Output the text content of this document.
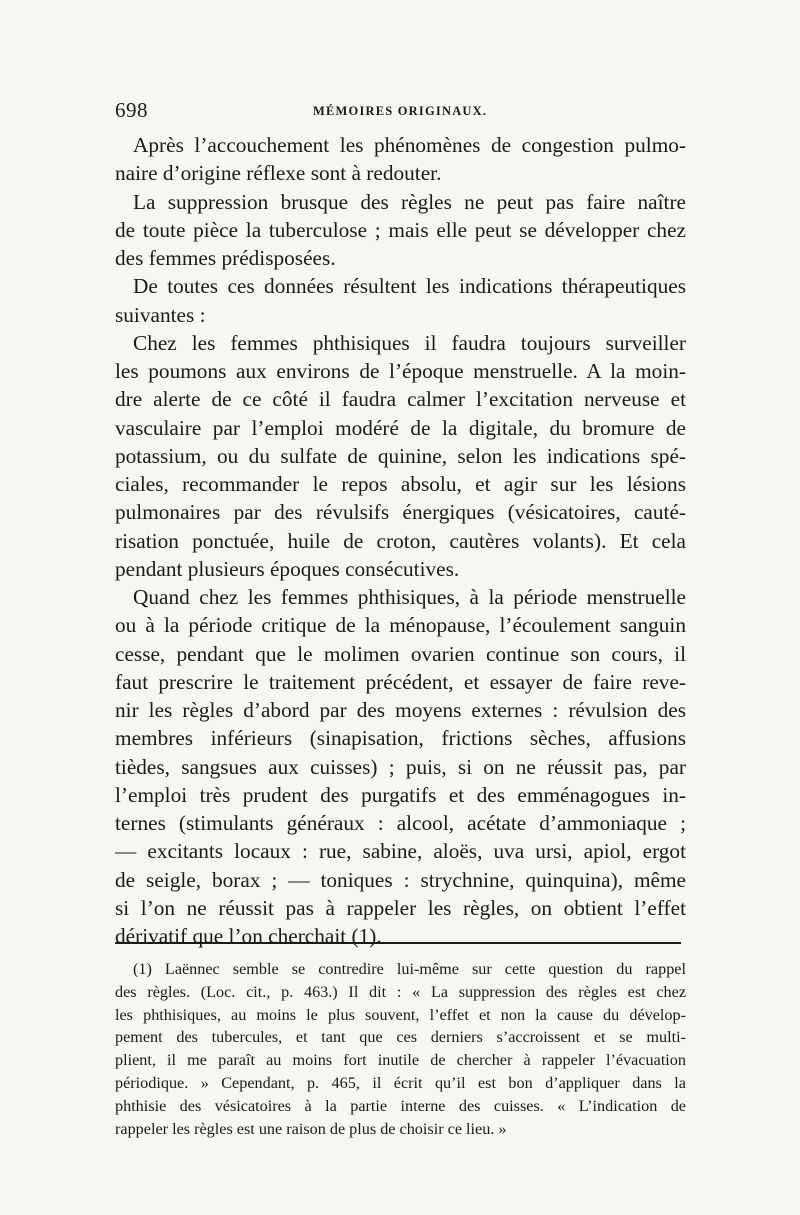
698	MÉMOIRES ORIGINAUX.
Après l’accouchement les phénomènes de congestion pulmo-
naire d’origine réflexe sont à redouter.
La suppression brusque des règles ne peut pas faire naître
de toute pièce la tuberculose ; mais elle peut se développer chez
des femmes prédisposées.
De toutes ces données résultent les indications thérapeutiques
suivantes :
Chez les femmes phthisiques il faudra toujours surveiller
les poumons aux environs de l’époque menstruelle. A la moin-
dre alerte de ce côté il faudra calmer l’excitation nerveuse et
vasculaire par l’emploi modéré de la digitale, du bromure de
potassium, ou du sulfate de quinine, selon les indications spé-
ciales, recommander le repos absolu, et agir sur les lésions
pulmonaires par des révulsifs énergiques (vésicatoires, cauté-
risation ponctuée, huile de croton, cautères volants). Et cela
pendant plusieurs époques consécutives.
Quand chez les femmes phthisiques, à la période menstruelle
ou à la période critique de la ménopause, l’écoulement sanguin
cesse, pendant que le molimen ovarien continue son cours, il
faut prescrire le traitement précédent, et essayer de faire reve-
nir les règles d’abord par des moyens externes : révulsion des
membres inférieurs (sinapisation, frictions sèches, affusions
tièdes, sangsues aux cuisses) ; puis, si on ne réussit pas, par
l’emploi très prudent des purgatifs et des emménagogues in-
ternes (stimulants généraux : alcool, acétate d’ammoniaque ;
— excitants locaux : rue, sabine, aloës, uva ursi, apiol, ergot
de seigle, borax ; — toniques : strychnine, quinquina), même
si l’on ne réussit pas à rappeler les règles, on obtient l’effet
dérivatif que l’on cherchait (1).
(1) Laënnec semble se contredire lui-même sur cette question du rappel
des règles. (Loc. cit., p. 463.) Il dit : « La suppression des règles est chez
les phthisiques, au moins le plus souvent, l’effet et non la cause du dévelop-
pement des tubercules, et tant que ces derniers s’accroissent et se multi-
plient, il me paraît au moins fort inutile de chercher à rappeler l’évacuation
périodique. » Cependant, p. 465, il écrit qu’il est bon d’appliquer dans la
phthisie des vésicatoires à la partie interne des cuisses. « L’indication de
rappeler les règles est une raison de plus de choisir ce lieu. »
